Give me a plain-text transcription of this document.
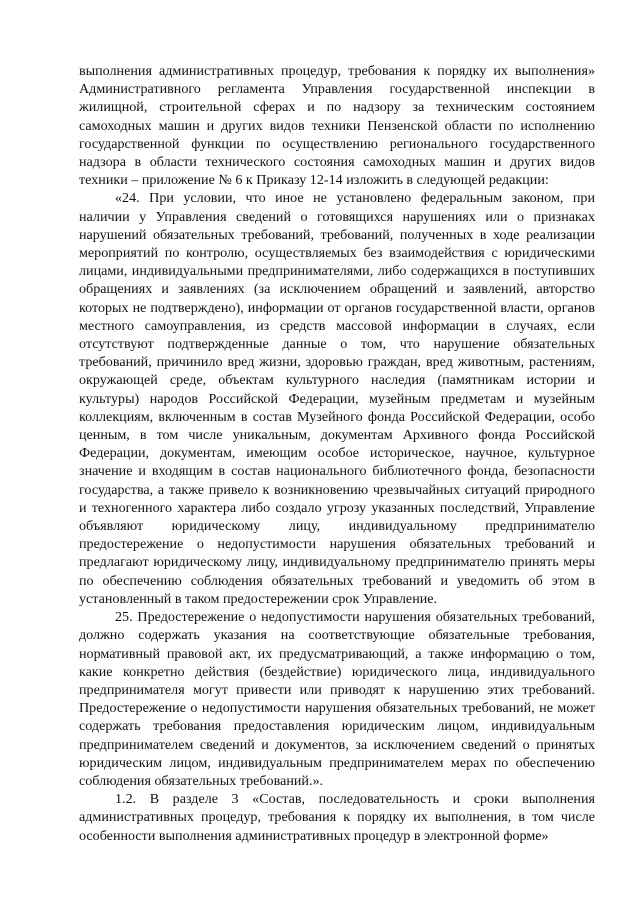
выполнения административных процедур, требования к порядку их выполнения» Административного регламента Управления государственной инспекции в жилищной, строительной сферах и по надзору за техническим состоянием самоходных машин и других видов техники Пензенской области по исполнению государственной функции по осуществлению регионального государственного надзора в области технического состояния самоходных машин и других видов техники – приложение № 6 к Приказу 12-14 изложить в следующей редакции:

«24. При условии, что иное не установлено федеральным законом, при наличии у Управления сведений о готовящихся нарушениях или о признаках нарушений обязательных требований, требований, полученных в ходе реализации мероприятий по контролю, осуществляемых без взаимодействия с юридическими лицами, индивидуальными предпринимателями, либо содержащихся в поступивших обращениях и заявлениях (за исключением обращений и заявлений, авторство которых не подтверждено), информации от органов государственной власти, органов местного самоуправления, из средств массовой информации в случаях, если отсутствуют подтвержденные данные о том, что нарушение обязательных требований, причинило вред жизни, здоровью граждан, вред животным, растениям, окружающей среде, объектам культурного наследия (памятникам истории и культуры) народов Российской Федерации, музейным предметам и музейным коллекциям, включенным в состав Музейного фонда Российской Федерации, особо ценным, в том числе уникальным, документам Архивного фонда Российской Федерации, документам, имеющим особое историческое, научное, культурное значение и входящим в состав национального библиотечного фонда, безопасности государства, а также привело к возникновению чрезвычайных ситуаций природного и техногенного характера либо создало угрозу указанных последствий, Управление объявляют юридическому лицу, индивидуальному предпринимателю предостережение о недопустимости нарушения обязательных требований и предлагают юридическому лицу, индивидуальному предпринимателю принять меры по обеспечению соблюдения обязательных требований и уведомить об этом в установленный в таком предостережении срок Управление.

25. Предостережение о недопустимости нарушения обязательных требований, должно содержать указания на соответствующие обязательные требования, нормативный правовой акт, их предусматривающий, а также информацию о том, какие конкретно действия (бездействие) юридического лица, индивидуального предпринимателя могут привести или приводят к нарушению этих требований. Предостережение о недопустимости нарушения обязательных требований, не может содержать требования предоставления юридическим лицом, индивидуальным предпринимателем сведений и документов, за исключением сведений о принятых юридическим лицом, индивидуальным предпринимателем мерах по обеспечению соблюдения обязательных требований.».

1.2. В разделе 3 «Состав, последовательность и сроки выполнения административных процедур, требования к порядку их выполнения, в том числе особенности выполнения административных процедур в электронной форме»
